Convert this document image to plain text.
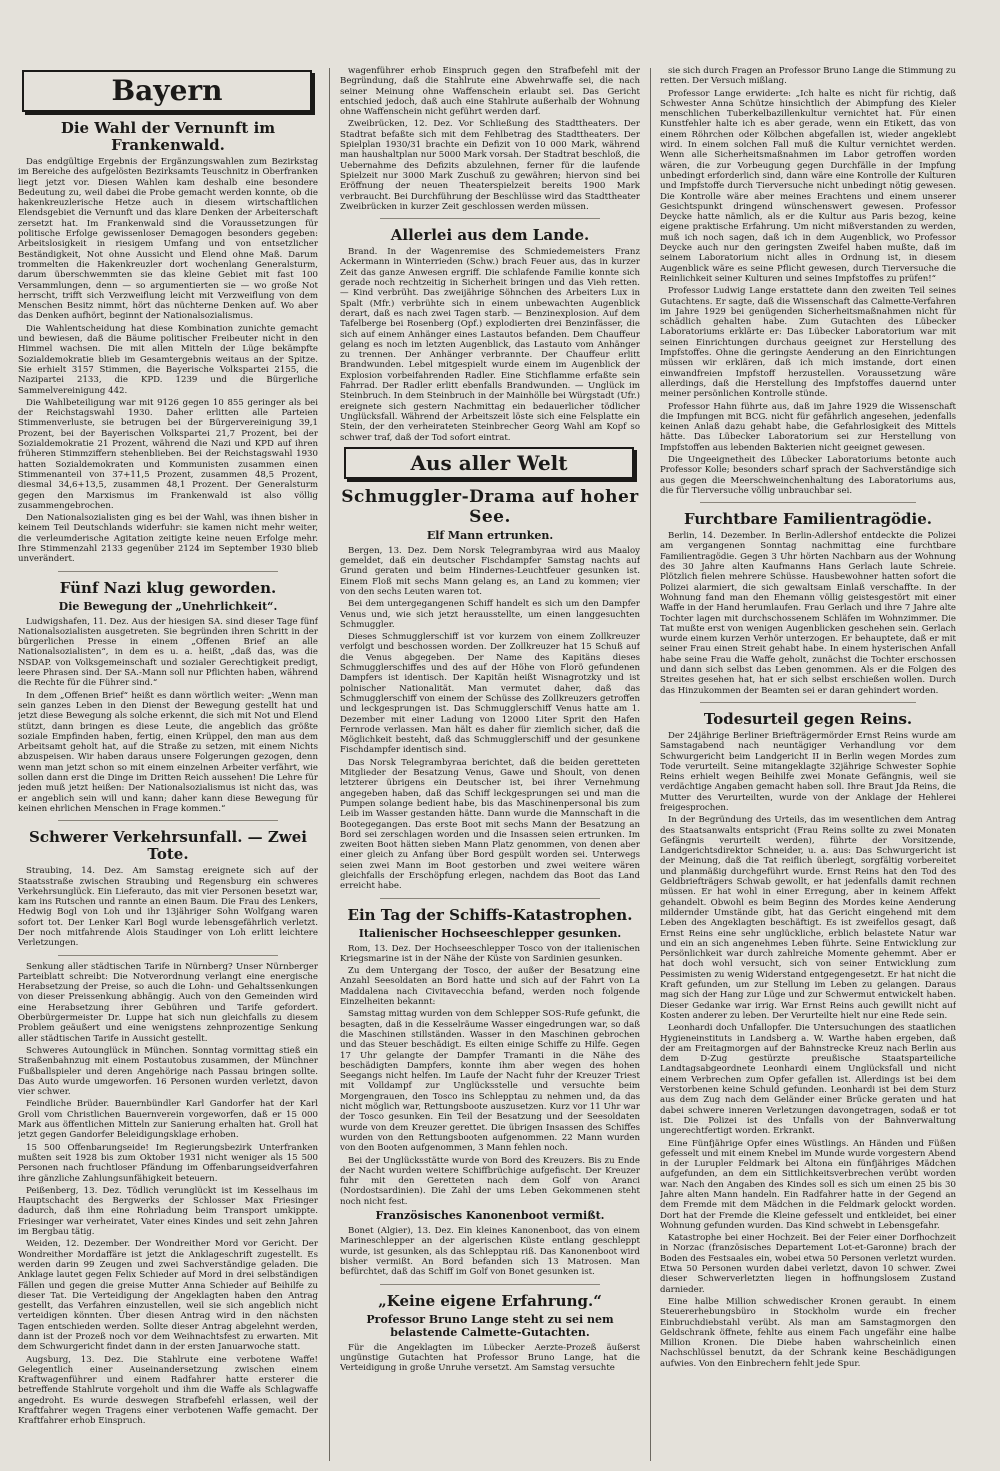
Bayern
Die Wahl der Vernunft im Frankenwald.

Das endgültige Ergebnis der Ergänzungswahlen zum Bezirkstag im Bereiche des aufgelösten Bezirksamts Teuschnitz in Oberfranken liegt jetzt vor. Diesen Wahlen kam deshalb eine besondere Bedeutung zu, weil dabei die Probe gemacht werden konnte, ob die hakenkreuzlerische Hetze auch in diesem wirtschaftlichen Elendsgebiet die Vernunft und das klare Denken der Arbeiterschaft zersetzt hat. Im Frankenwald sind die Voraussetzungen für politische Erfolge gewissenloser Demagogen besonders gegeben: Arbeitslosigkeit in riesigem Umfang und von entsetzlicher Beständigkeit, Not ohne Aussicht und Elend ohne Maß. Darum trommelten die Hakenkreuzler dort wochenlang Generalsturm, darum überschwemmten sie das kleine Gebiet mit fast 100 Versammlungen, denn — so argumentierten sie — wo große Not herrscht, trifft sich Verzweiflung leicht mit Verzweiflung von dem Menschen Besitz nimmt, hört das nüchterne Denken auf. Wo aber das Denken aufhört, beginnt der Nationalsozialismus.

Die Wahlentscheidung hat diese Kombination zunichte gemacht und bewiesen, daß die Bäume politischer Freibeuter nicht in den Himmel wachsen. Die mit allen Mitteln der Lüge bekämpfte Sozialdemokratie blieb im Gesamtergebnis weitaus an der Spitze. Sie erhielt 3157 Stimmen, die Bayerische Volkspartei 2155, die Nazipartei 2133, die KPD. 1239 und die Bürgerliche Sammelvereinigung 442.

Die Wahlbeteiligung war mit 9126 gegen 10 855 geringer als bei der Reichstagswahl 1930. Daher erlitten alle Parteien Stimmenverluste, sie betrugen bei der Bürgervereinigung 39,1 Prozent, bei der Bayerischen Volkspartei 21,7 Prozent, bei der Sozialdemokratie 21 Prozent, während die Nazi und KPD auf ihren früheren Stimmziffern stehenblieben. Bei der Reichstagswahl 1930 hatten Sozialdemokraten und Kommunisten zusammen einen Stimmenanteil von 37+11,5 Prozent, zusammen 48,5 Prozent, diesmal 34,6+13,5, zusammen 48,1 Prozent. Der Generalsturm gegen den Marxismus im Frankenwald ist also völlig zusammengebrochen.

Den Nationalsozialisten ging es bei der Wahl, was ihnen bisher in keinem Teil Deutschlands widerfuhr: sie kamen nicht mehr weiter, die verleumderische Agitation zeitigte keine neuen Erfolge mehr. Ihre Stimmenzahl 2133 gegenüber 2124 im September 1930 blieb unverändert.

Fünf Nazi klug geworden.
Die Bewegung der „Unehrlichkeit“.

Ludwigshafen, 11. Dez. Aus der hiesigen SA. sind dieser Tage fünf Nationalsozialisten ausgetreten. Sie begründen ihren Schritt in der bürgerlichen Presse in einem „Offenen Brief an alle Nationalsozialisten“, in dem es u. a. heißt, „daß das, was die NSDAP. von Volksgemeinschaft und sozialer Gerechtigkeit predigt, leere Phrasen sind. Der SA.-Mann soll nur Pflichten haben, während die Rechte für die Führer sind.“

In dem „Offenen Brief“ heißt es dann wörtlich weiter: „Wenn man sein ganzes Leben in den Dienst der Bewegung gestellt hat und jetzt diese Bewegung als solche erkennt, die sich mit Not und Elend stützt, dann bringen es diese Leute, die angeblich das größte soziale Empfinden haben, fertig, einen Krüppel, den man aus dem Arbeitsamt geholt hat, auf die Straße zu setzen, mit einem Nichts abzuspeisen. Wir haben daraus unsere Folgerungen gezogen, denn wenn man jetzt schon so mit einem einzelnen Arbeiter verfährt, wie sollen dann erst die Dinge im Dritten Reich aussehen! Die Lehre für jeden muß jetzt heißen: Der Nationalsozialismus ist nicht das, was er angeblich sein will und kann; daher kann diese Bewegung für keinen ehrlichen Menschen in Frage kommen.“

Schwerer Verkehrsunfall. — Zwei Tote.

Straubing, 14. Dez. Am Samstag ereignete sich auf der Staatsstraße zwischen Straubing und Regensburg ein schweres Verkehrsunglück. Ein Lieferauto, das mit vier Personen besetzt war, kam ins Rutschen und rannte an einen Baum. Die Frau des Lenkers, Hedwig Bogl von Loh und ihr 13jähriger Sohn Wolfgang waren sofort tot. Der Lenker Karl Bogl wurde lebensgefährlich verletzt. Der noch mitfahrende Alois Staudinger von Loh erlitt leichtere Verletzungen.

Senkung aller städtischen Tarife in Nürnberg? Unser Nürnberger Parteiblatt schreibt: Die Notverordnung verlangt eine energische Herabsetzung der Preise, so auch die Lohn- und Gehaltssenkungen von dieser Preissenkung abhängig. Auch von den Gemeinden wird eine Herabsetzung ihrer Gebühren und Tarife gefordert. Oberbürgermeister Dr. Luppe hat sich nun gleichfalls zu diesem Problem geäußert und eine wenigstens zehnprozentige Senkung aller städtischen Tarife in Aussicht gestellt.

Schweres Autounglück in München. Sonntag vormittag stieß ein Straßenbahnzug mit einem Postautobus zusammen, der Münchner Fußballspieler und deren Angehörige nach Passau bringen sollte. Das Auto wurde umgeworfen. 16 Personen wurden verletzt, davon vier schwer.

Feindliche Brüder. Bauernbündler Karl Gandorfer hat der Karl Groll vom Christlichen Bauernverein vorgeworfen, daß er 15 000 Mark aus öffentlichen Mitteln zur Sanierung erhalten hat. Groll hat jetzt gegen Gandorfer Beleidigungsklage erhoben.

15 500 Offenbarungseide! Im Regierungsbezirk Unterfranken mußten seit 1928 bis zum Oktober 1931 nicht weniger als 15 500 Personen nach fruchtloser Pfändung im Offenbarungseidverfahren ihre gänzliche Zahlungsunfähigkeit beteuern.

Peißenberg, 13. Dez. Tödlich verunglückt ist im Kesselhaus im Hauptschacht des Bergwerks der Schlosser Max Friesinger dadurch, daß ihm eine Rohrladung beim Transport umkippte. Friesinger war verheiratet, Vater eines Kindes und seit zehn Jahren im Bergbau tätig.

Weiden, 12. Dezember. Der Wondreither Mord vor Gericht. Der Wondreither Mordaffäre ist jetzt die Anklageschrift zugestellt. Es werden darin 99 Zeugen und zwei Sachverständige geladen. Die Anklage lautet gegen Felix Schieder auf Mord in drei selbständigen Fällen und gegen die greise Mutter Anna Schieder auf Beihilfe zu dieser Tat. Die Verteidigung der Angeklagten haben den Antrag gestellt, das Verfahren einzustellen, weil sie sich angeblich nicht verteidigen könnten. Über diesen Antrag wird in den nächsten Tagen entschieden werden. Sollte dieser Antrag abgelehnt werden, dann ist der Prozeß noch vor dem Weihnachtsfest zu erwarten. Mit dem Schwurgericht findet dann in der ersten Januarwoche statt.

Augsburg, 13. Dez. Die Stahlrute eine verbotene Waffe! Gelegentlich einer Auseinandersetzung zwischen einem Kraftwagenführer und einem Radfahrer hatte ersterer die betreffende Stahlrute vorgeholt und ihm die Waffe als Schlagwaffe angedroht. Es wurde deswegen Strafbefehl erlassen, weil der Kraftfahrer wegen Tragens einer verbotenen Waffe gemacht. Der Kraftfahrer erhob Einspruch.

wagenführer erhob Einspruch gegen den Strafbefehl mit der Begründung, daß die Stahlrute eine Abwehrwaffe sei, die nach seiner Meinung ohne Waffenschein erlaubt sei. Das Gericht entschied jedoch, daß auch eine Stahlrute außerhalb der Wohnung ohne Waffenschein nicht geführt werden darf.

Zweibrücken, 12. Dez. Vor Schließung des Stadttheaters. Der Stadtrat befaßte sich mit dem Fehlbetrag des Stadttheaters. Der Spielplan 1930/31 brachte ein Defizit von 10 000 Mark, während man haushaltplan nur 5000 Mark vorsah. Der Stadtrat beschloß, die Uebernahme des Defizits abzulehnen, ferner für die laufende Spielzeit nur 3000 Mark Zuschuß zu gewähren; hiervon sind bei Eröffnung der neuen Theaterspielzeit bereits 1900 Mark verbraucht. Bei Durchführung der Beschlüsse wird das Stadttheater Zweibrücken in kurzer Zeit geschlossen werden müssen.

Allerlei aus dem Lande.

Brand. In der Wagenremise des Schmiedemeisters Franz Ackermann in Winterrieden (Schw.) brach Feuer aus, das in kurzer Zeit das ganze Anwesen ergriff. Die schlafende Familie konnte sich gerade noch rechtzeitig in Sicherheit bringen und das Vieh retten. — Kind verbrüht. Das zweijährige Söhnchen des Arbeiters Lux in Spalt (Mfr.) verbrühte sich in einem unbewachten Augenblick derart, daß es nach zwei Tagen starb. — Benzinexplosion. Auf dem Tafelberge bei Rosenberg (Opf.) explodierten drei Benzinfässer, die sich auf einem Anhänger eines Lastautos befanden. Dem Chauffeur gelang es noch im letzten Augenblick, das Lastauto vom Anhänger zu trennen. Der Anhänger verbrannte. Der Chauffeur erlitt Brandwunden. Lebel mitgespielt wurde einem im Augenblick der Explosion vorbeifahrenden Radler. Eine Stichflamme erfaßte sein Fahrrad. Der Radler erlitt ebenfalls Brandwunden. — Unglück im Steinbruch. In dem Steinbruch in der Mainhölle bei Würgstadt (Ufr.) ereignete sich gestern Nachmittag ein bedauerlicher tödlicher Unglücksfall. Während der Arbeitszeit löste sich eine Felsplatte ein Stein, der den verheirateten Steinbrecher Georg Wahl am Kopf so schwer traf, daß der Tod sofort eintrat.

Aus aller Welt
Schmuggler-Drama auf hoher See.
Elf Mann ertrunken.

Bergen, 13. Dez. Dem Norsk Telegrambyraa wird aus Maaloy gemeldet, daß ein deutscher Fischdampfer Samstag nachts auf Grund geraten und beim Hindernes-Leuchtfeuer gesunken ist. Einem Floß mit sechs Mann gelang es, an Land zu kommen; vier von den sechs Leuten waren tot.

Bei dem untergegangenen Schiff handelt es sich um den Dampfer Venus und, wie sich jetzt herausstellte, um einen langgesuchten Schmuggler.

Dieses Schmugglerschiff ist vor kurzem von einem Zollkreuzer verfolgt und beschossen worden. Der Zollkreuzer hat 15 Schuß auf die Venus abgegeben. Der Name des Kapitäns dieses Schmugglerschiffes und des auf der Höhe von Florö gefundenen Dampfers ist identisch. Der Kapitän heißt Wisnagrotzky und ist polnischer Nationalität. Man vermutet daher, daß das Schmugglerschiff von einem der Schüsse des Zollkreuzers getroffen und leckgesprungen ist. Das Schmugglerschiff Venus hatte am 1. Dezember mit einer Ladung von 12000 Liter Sprit den Hafen Fernrode verlassen. Man hält es daher für ziemlich sicher, daß die Möglichkeit besteht, daß das Schmugglerschiff und der gesunkene Fischdampfer identisch sind.

Das Norsk Telegrambyraa berichtet, daß die beiden geretteten Mitglieder der Besatzung Venus, Gawe und Shoult, von denen letzterer übrigens ein Deutscher ist, bei ihrer Vernehmung angegeben haben, daß das Schiff leckgesprungen sei und man die Pumpen solange bedient habe, bis das Maschinenpersonal bis zum Leib im Wasser gestanden hätte. Dann wurde die Mannschaft in die Bootegegangen. Das erste Boot mit sechs Mann der Besatzung an Bord sei zerschlagen worden und die Insassen seien ertrunken. Im zweiten Boot hätten sieben Mann Platz genommen, von denen aber einer gleich zu Anfang über Bord gespült worden sei. Unterwegs seien zwei Mann im Boot gestorben und zwei weitere wären gleichfalls der Erschöpfung erlegen, nachdem das Boot das Land erreicht habe.

Ein Tag der Schiffs-Katastrophen.
Italienischer Hochseeschlepper gesunken.

Rom, 13. Dez. Der Hochseeschlepper Tosco von der italienischen Kriegsmarine ist in der Nähe der Küste von Sardinien gesunken.

Zu dem Untergang der Tosco, der außer der Besatzung eine Anzahl Seesoldaten an Bord hatte und sich auf der Fahrt von La Maddalena nach Civitavecchia befand, werden noch folgende Einzelheiten bekannt:

Samstag mittag wurden von dem Schlepper SOS-Rufe gefunkt, die besagten, daß in die Kesselräume Wasser eingedrungen war, so daß die Maschinen stillständen. Wasser in den Maschinen gebrochen und das Steuer beschädigt. Es eilten einige Schiffe zu Hilfe. Gegen 17 Uhr gelangte der Dampfer Tramanti in die Nähe des beschädigten Dampfers, konnte ihm aber wegen des hohen Seegangs nicht helfen. Im Laufe der Nacht fuhr der Kreuzer Triest mit Volldampf zur Unglücksstelle und versuchte beim Morgengrauen, den Tosco ins Schlepptau zu nehmen und, da das nicht möglich war, Rettungsboote auszusetzen. Kurz vor 11 Uhr war der Tosco gesunken. Ein Teil der Besatzung und der Seesoldaten wurde von dem Kreuzer gerettet. Die übrigen Insassen des Schiffes wurden von den Rettungsbooten aufgenommen. 22 Mann wurden von den Booten aufgenommen, 3 Mann fehlen noch.

Bei der Unglücksstätte wurde von Bord des Kreuzers. Bis zu Ende der Nacht wurden weitere Schiffbrüchige aufgefischt. Der Kreuzer fuhr mit den Geretteten nach dem Golf von Aranci (Nordostsardinien). Die Zahl der ums Leben Gekommenen steht noch nicht fest.

Französisches Kanonenboot vermißt.

Bonet (Algier), 13. Dez. Ein kleines Kanonenboot, das von einem Marineschlepper an der algerischen Küste entlang geschleppt wurde, ist gesunken, als das Schlepptau riß. Das Kanonenboot wird bisher vermißt. An Bord befanden sich 13 Matrosen. Man befürchtet, daß das Schiff im Golf von Bonet gesunken ist.

„Keine eigene Erfahrung.“
Professor Bruno Lange steht zu sei nem belastende Calmette-Gutachten.

Für die Angeklagten im Lübecker Aerzte-Prozeß äußerst ungünstige Gutachten hat Professor Bruno Lange, hat die Verteidigung in große Unruhe versetzt. Am Samstag versuchte

sie sich durch Fragen an Professor Bruno Lange die Stimmung zu retten. Der Versuch mißlang.

Professor Lange erwiderte: „Ich halte es nicht für richtig, daß Schwester Anna Schütze hinsichtlich der Abimpfung des Kieler menschlichen Tuberkelbazillenkultur vernichtet hat. Für einen Kunstfehler halte ich es aber gerade, wenn ein Etikett, das von einem Röhrchen oder Kölbchen abgefallen ist, wieder angeklebt wird. In einem solchen Fall muß die Kultur vernichtet werden. Wenn alle Sicherheitsmaßnahmen im Labor getroffen worden wären, die zur Vorbeugung gegen Durchfälle in der Impfung unbedingt erforderlich sind, dann wäre eine Kontrolle der Kulturen und Impfstoffe durch Tierversuche nicht unbedingt nötig gewesen. Die Kontrolle wäre aber meines Erachtens und einem unserer Gesichtspunkt dringend wünschenswert gewesen. Professor Deycke hatte nämlich, als er die Kultur aus Paris bezog, keine eigene praktische Erfahrung. Um nicht mißverstanden zu werden, muß ich noch sagen, daß ich in dem Augenblick, wo Professor Deycke auch nur den geringsten Zweifel haben mußte, daß im seinem Laboratorium nicht alles in Ordnung ist, in diesem Augenblick wäre es seine Pflicht gewesen, durch Tierversuche die Reinlichkeit seiner Kulturen und seines Impfstoffes zu prüfen!“

Professor Ludwig Lange erstattete dann den zweiten Teil seines Gutachtens. Er sagte, daß die Wissenschaft das Calmette-Verfahren im Jahre 1929 bei genügenden Sicherheitsmaßnahmen nicht für schädlich gehalten habe. Zum Gutachten des Lübecker Laboratoriums erklärte er: Das Lübecker Laboratorium war mit seinen Einrichtungen durchaus geeignet zur Herstellung des Impfstoffes. Ohne die geringste Aenderung an den Einrichtungen müssen wir erklären, daß ich mich imstande, dort einen einwandfreien Impfstoff herzustellen. Voraussetzung wäre allerdings, daß die Herstellung des Impfstoffes dauernd unter meiner persönlichen Kontrolle stünde.

Professor Hahn führte aus, daß im Jahre 1929 die Wissenschaft die Impfungen mit BCG. nicht für gefährlich angesehen, jedenfalls keinen Anlaß dazu gehabt habe, die Gefahrlosigkeit des Mittels hätte. Das Lübecker Laboratorium sei zur Herstellung von Impfstoffen aus lebenden Bakterien nicht geeignet gewesen.

Die Ungeeignetheit des Lübecker Laboratoriums betonte auch Professor Kolle; besonders scharf sprach der Sachverständige sich aus gegen die Meerschweinchenhaltung des Laboratoriums aus, die für Tierversuche völlig unbrauchbar sei.

Furchtbare Familientragödie.

Berlin, 14. Dezember. In Berlin-Adlershof entdeckte die Polizei am vergangenen Sonntag nachmittag eine furchtbare Familientragödie. Gegen 3 Uhr hörten Nachbarn aus der Wohnung des 30 Jahre alten Kaufmanns Hans Gerlach laute Schreie. Plötzlich fielen mehrere Schüsse. Hausbewohner hatten sofort die Polizei alarmiert, die sich gewaltsam Einlaß verschaffte. In der Wohnung fand man den Ehemann völlig geistesgestört mit einer Waffe in der Hand herumlaufen. Frau Gerlach und ihre 7 Jahre alte Tochter lagen mit durchschossenem Schläfen im Wohnzimmer. Die Tat mußte erst von wenigen Augenblicken geschehen sein. Gerlach wurde einem kurzen Verhör unterzogen. Er behauptete, daß er mit seiner Frau einen Streit gehabt habe. In einem hysterischen Anfall habe seine Frau die Waffe geholt, zunächst die Tochter erschossen und dann sich selbst das Leben genommen. Als er die Folgen des Streites gesehen hat, hat er sich selbst erschießen wollen. Durch das Hinzukommen der Beamten sei er daran gehindert worden.

Todesurteil gegen Reins.

Der 24jährige Berliner Briefträgermörder Ernst Reins wurde am Samstagabend nach neuntägiger Verhandlung vor dem Schwurgericht beim Landgericht II in Berlin wegen Mordes zum Tode verurteilt. Seine mitangeklagte 32jährige Schwester Sophie Reins erhielt wegen Beihilfe zwei Monate Gefängnis, weil sie verdächtige Angaben gemacht haben soll. Ihre Braut Jda Reins, die Mutter des Verurteilten, wurde von der Anklage der Hehlerei freigesprochen.

In der Begründung des Urteils, das im wesentlichen dem Antrag des Staatsanwalts entspricht (Frau Reins sollte zu zwei Monaten Gefängnis verurteilt werden), führte der Vorsitzende, Landgerichtsdirektor Schneider, u. a. aus: Das Schwurgericht ist der Meinung, daß die Tat reiflich überlegt, sorgfältig vorbereitet und planmäßig durchgeführt wurde. Ernst Reins hat den Tod des Geldbriefträgers Schwab gewollt, er hat jedenfalls damit rechnen müssen. Er hat wohl in einer Erregung, aber in keinem Affekt gehandelt. Obwohl es beim Beginn des Mordes keine Aenderung mildernder Umstände gibt, hat das Gericht eingehend mit dem Leben des Angeklagten beschäftigt. Es ist zweifellos gesagt, daß Ernst Reins eine sehr unglückliche, erblich belastete Natur war und ein an sich angenehmes Leben führte. Seine Entwicklung zur Persönlichkeit war durch zahlreiche Momente gehemmt. Aber er hat doch wohl versucht, sich von seiner Entwicklung zum Pessimisten zu wenig Widerstand entgegengesetzt. Er hat nicht die Kraft gefunden, um zur Stellung im Leben zu gelangen. Daraus mag sich der Hang zur Lüge und zur Schwermut entwickelt haben. Dieser Gedanke war irrig. War Ernst Reins auch gewillt nicht auf Kosten anderer zu leben. Der Verurteilte hielt nur eine Rede sein.

Leonhardi doch Unfallopfer. Die Untersuchungen des staatlichen Hygieneinstituts in Landsberg a. W. Warthe haben ergeben, daß der am Freitagmorgen auf der Bahnstrecke Kreuz nach Berlin aus dem D-Zug gestürzte preußische Staatsparteiliche Landtagsabgeordnete Leonhardi einem Unglücksfall und nicht einem Verbrechen zum Opfer gefallen ist. Allerdings ist bei dem Verstorbenen keine Schuld gefunden. Leonhardi ist bei dem Sturz aus dem Zug nach dem Geländer einer Brücke geraten und hat dabei schwere inneren Verletzungen davongetragen, sodaß er tot ist. Die Polizei ist des Unfalls von der Bahnverwaltung ungerechtfertigt worden. Erkrankt.

Eine Fünfjährige Opfer eines Wüstlings. An Händen und Füßen gefesselt und mit einem Knebel im Munde wurde vorgestern Abend in der Lurupler Feldmark bei Altona ein fünfjähriges Mädchen aufgefunden, an dem ein Sittlichkeitsverbrechen verübt worden war. Nach den Angaben des Kindes soll es sich um einen 25 bis 30 Jahre alten Mann handeln. Ein Radfahrer hatte in der Gegend an dem Fremde mit dem Mädchen in die Feldmark gelockt worden. Dort hat der Fremde die Kleine gefesselt und entkleidet, bei einer Wohnung gefunden wurden. Das Kind schwebt in Lebensgefahr.

Katastrophe bei einer Hochzeit. Bei der Feier einer Dorfhochzeit in Norzac (französisches Departement Lot-et-Garonne) brach der Boden des Festsaales ein, wobei etwa 50 Personen verletzt wurden. Etwa 50 Personen wurden dabei verletzt, davon 10 schwer. Zwei dieser Schwerverletzten liegen in hoffnungslosem Zustand darnieder.

Eine halbe Million schwedischer Kronen geraubt. In einem Steuererhebungsbüro in Stockholm wurde ein frecher Einbruchdiebstahl verübt. Als man am Samstagmorgen den Geldschrank öffnete, fehlte aus einem Fach ungefähr eine halbe Million Kronen. Die Diebe haben wahrscheinlich einen Nachschlüssel benutzt, da der Schrank keine Beschädigungen aufwies. Von den Einbrechern fehlt jede Spur.
